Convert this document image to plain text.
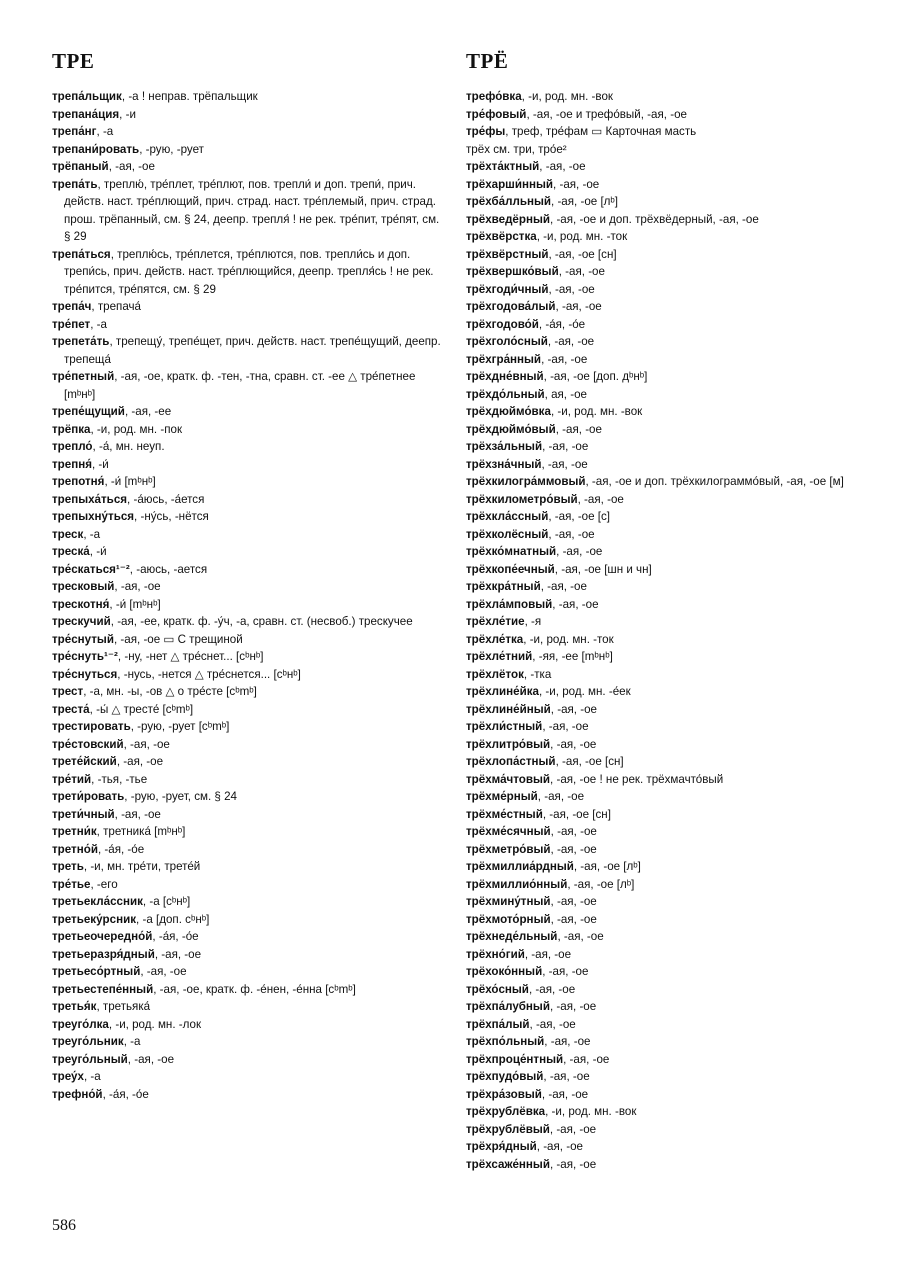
ТРЕ

трепа́льщик, -а ! неправ. трёпальщик

трепана́ция, -и

трепа́нг, -а

трепани́ровать, -рую, -рует

трёпаный, -ая, -ое

трепа́ть, треплю́, тре́плет, тре́плют, пов. трепли́ и доп. трепи́, прич. действ. наст. тре́плющий, прич. страд. наст. тре́племый, прич. страд. прош. трёпанный, см. § 24, деепр. трепля́ ! не рек. тре́пит, тре́пят, см. § 29

трепа́ться, треплю́сь, тре́плется, тре́плются, пов. трепли́сь и доп. трепи́сь, прич. действ. наст. тре́плющийся, деепр. трепля́сь ! не рек. тре́пится, тре́пятся, см. § 29

трепа́ч, трепача́

тре́пет, -а

трепета́ть, трепещу́, трепе́щет, прич. действ. наст. трепе́щущий, деепр. трепеща́

тре́петный, -ая, -ое, кратк. ф. -тен, -тна, сравн. ст. -ее △ тре́петнее [mᵇнᵇ]

трепе́щущий, -ая, -ее

трёпка, -и, род. мн. -пок

трепло́, -а́, мн. неуп.

трепня́, -и́

трепотня́, -и́ [mᵇнᵇ]

трепыха́ться, -а́юсь, -а́ется

трепыхну́ться, -ну́сь, -нётся

треск, -а

треска́, -и́

тре́скаться¹⁻², -аюсь, -ается

тресковый, -ая, -ое

трескотня́, -и́ [mᵇнᵇ]

трескучий, -ая, -ее, кратк. ф. -у́ч, -а, сравн. ст. (несвоб.) трескучее

тре́снутый, -ая, -ое ▭ С трещиной

тре́снуть¹⁻², -ну, -нет △ тре́снет... [cᵇнᵇ]

тре́снуться, -нусь, -нется △ тре́снется... [cᵇнᵇ]

трест, -а, мн. -ы, -ов △ о тре́сте [cᵇmᵇ]

треста́, -ы́ △ тресте́ [cᵇmᵇ]

трестировать, -рую, -рует [cᵇmᵇ]

тре́стовский, -ая, -ое

трете́йский, -ая, -ое

тре́тий, -тья, -тье

трети́ровать, -рую, -рует, см. § 24

трети́чный, -ая, -ое

третни́к, третника́ [mᵇнᵇ]

третно́й, -а́я, -о́е

треть, -и, мн. тре́ти, трете́й

тре́тье, -его

третьекла́ссник, -а [cᵇнᵇ]

третьеку́рсник, -а [доп. cᵇнᵇ]

третьеочередно́й, -а́я, -о́е

третьеразря́дный, -ая, -ое

третьесо́ртный, -ая, -ое

третьестепе́нный, -ая, -ое, кратк. ф. -е́нен, -е́нна [cᵇmᵇ]

третья́к, третьяка́

треуго́лка, -и, род. мн. -лок

треуго́льник, -а

треуго́льный, -ая, -ое

треу́х, -а

трефно́й, -а́я, -о́е

ТРЁ

трефо́вка, -и, род. мн. -вок

тре́фовый, -ая, -ое и трефо́вый, -ая, -ое

тре́фы, треф, тре́фам ▭ Карточная масть

трёх см. три, тро́е²

трёхта́ктный, -ая, -ое

трёхарши́нный, -ая, -ое

трёхба́лльный, -ая, -ое [лᵇ]

трёхведёрный, -ая, -ое и доп. трёхвёдерный, -ая, -ое

трёхвёрстка, -и, род. мн. -ток

трёхвёрстный, -ая, -ое [сн]

трёхвершко́вый, -ая, -ое

трёхгоди́чный, -ая, -ое

трёхгодова́лый, -ая, -ое

трёхгодово́й, -а́я, -о́е

трёхголо́сный, -ая, -ое

трёхгра́нный, -ая, -ое

трёхдне́вный, -ая, -ое [доп. дᵇнᵇ]

трёхдо́льный, ая, -ое

трёхдюймо́вка, -и, род. мн. -вок

трёхдюймо́вый, -ая, -ое

трёхза́льный, -ая, -ое

трёхзна́чный, -ая, -ое

трёхкилогра́ммовый, -ая, -ое и доп. трёхкилограммо́вый, -ая, -ое [м]

трёхкилометро́вый, -ая, -ое

трёхкла́ссный, -ая, -ое [с]

трёхколёсный, -ая, -ое

трёхко́мнатный, -ая, -ое

трёхкопе́ечный, -ая, -ое [шн и чн]

трёхкра́тный, -ая, -ое

трёхла́мповый, -ая, -ое

трёхле́тие, -я

трёхле́тка, -и, род. мн. -ток

трёхле́тний, -яя, -ее [mᵇнᵇ]

трёхлёток, -тка

трёхлине́йка, -и, род. мн. -е́ек

трёхлине́йный, -ая, -ое

трёхли́стный, -ая, -ое

трёхлитро́вый, -ая, -ое

трёхлопа́стный, -ая, -ое [сн]

трёхма́чтовый, -ая, -ое ! не рек. трёхмачто́вый

трёхме́рный, -ая, -ое

трёхме́стный, -ая, -ое [сн]

трёхме́сячный, -ая, -ое

трёхметро́вый, -ая, -ое

трёхмиллиа́рдный, -ая, -ое [лᵇ]

трёхмиллио́нный, -ая, -ое [лᵇ]

трёхмину́тный, -ая, -ое

трёхмото́рный, -ая, -ое

трёхнеде́льный, -ая, -ое

трёхно́гий, -ая, -ое

трёхоко́нный, -ая, -ое

трёхо́сный, -ая, -ое

трёхпа́лубный, -ая, -ое

трёхпа́лый, -ая, -ое

трёхпо́льный, -ая, -ое

трёхпроце́нтный, -ая, -ое

трёхпудо́вый, -ая, -ое

трёхра́зовый, -ая, -ое

трёхрублёвка, -и, род. мн. -вок

трёхрублёвый, -ая, -ое

трёхря́дный, -ая, -ое

трёхсаже́нный, -ая, -ое

586
